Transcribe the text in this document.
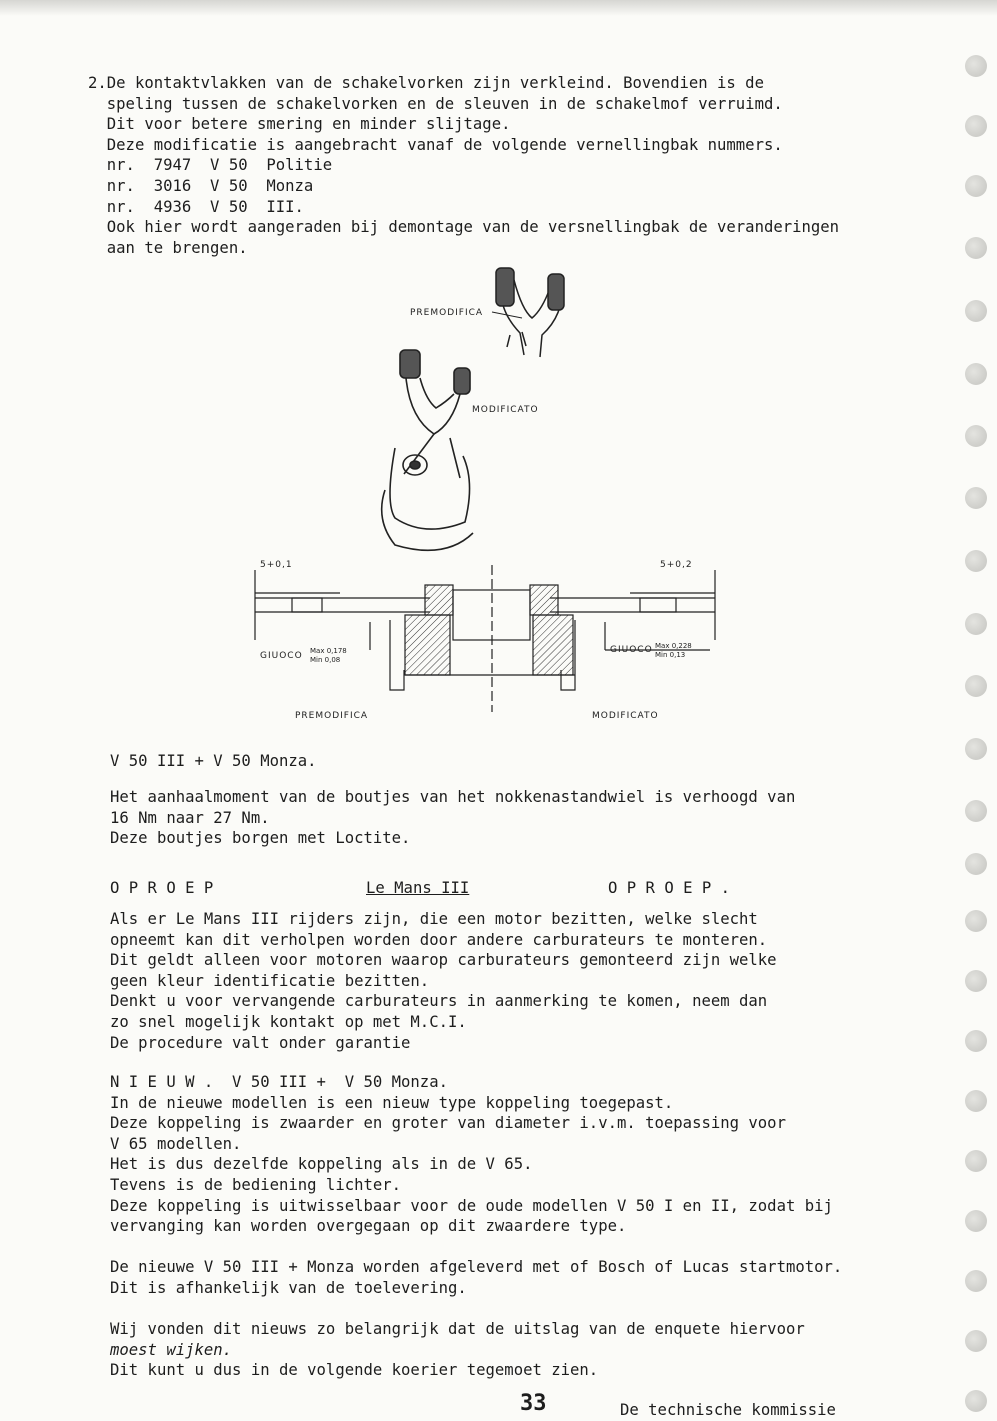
2.De kontaktvlakken van de schakelvorken zijn verkleind. Bovendien is de
speling tussen de schakelvorken en de sleuven in de schakelmof verruimd.
Dit voor betere smering en minder slijtage.
Deze modificatie is aangebracht vanaf de volgende vernellingbak nummers.
nr.  7947  V 50  Politie
nr.  3016  V 50  Monza
nr.  4936  V 50  III.
Ook hier wordt aangeraden bij demontage van de versnellingbak de veranderingen
aan te brengen.
PREMODIFICA
MODIFICATO
5+0,1	5+0,2
GIUOCO Max 0,178
Min 0,08
GIUOCO Max 0,228
Min 0,13
PREMODIFICA	MODIFICATO
V 50 III + V 50 Monza.
Het aanhaalmoment van de boutjes van het nokkenastandwiel is verhoogd van
16 Nm naar 27 Nm.
Deze boutjes borgen met Loctite.
O P R O E P	Le Mans III	O P R O E P .
Als er Le Mans III rijders zijn, die een motor bezitten, welke slecht
opneemt kan dit verholpen worden door andere carburateurs te monteren.
Dit geldt alleen voor motoren waarop carburateurs gemonteerd zijn welke
geen kleur identificatie bezitten.
Denkt u voor vervangende carburateurs in aanmerking te komen, neem dan
zo snel mogelijk kontakt op met M.C.I.
De procedure valt onder garantie
N I E U W .  V 50 III +  V 50 Monza.
In de nieuwe modellen is een nieuw type koppeling toegepast.
Deze koppeling is zwaarder en groter van diameter i.v.m. toepassing voor
V 65 modellen.
Het is dus dezelfde koppeling als in de V 65.
Tevens is de bediening lichter.
Deze koppeling is uitwisselbaar voor de oude modellen V 50 I en II, zodat bij
vervanging kan worden overgegaan op dit zwaardere type.
De nieuwe V 50 III + Monza worden afgeleverd met of Bosch of Lucas startmotor.
Dit is afhankelijk van de toelevering.
Wij vonden dit nieuws zo belangrijk dat de uitslag van de enquete hiervoor
moest wijken.
Dit kunt u dus in de volgende koerier tegemoet zien.
33	De technische kommissie
